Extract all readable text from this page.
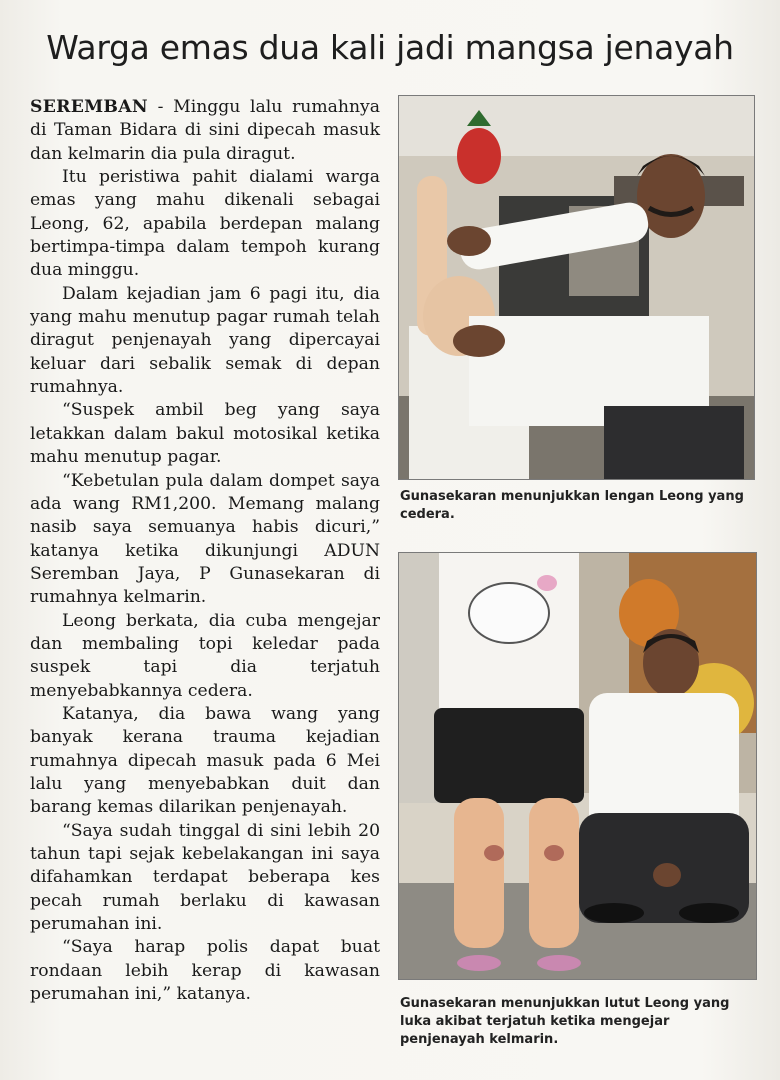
Warga emas dua kali jadi mangsa jenayah

SEREMBAN - Minggu lalu rumahnya di Taman Bidara di sini dipecah masuk dan kelmarin dia pula diragut.

Itu peristiwa pahit dialami warga emas yang mahu dikenali sebagai Leong, 62, apabila berdepan malang bertimpa-timpa dalam tempoh kurang dua minggu.

Dalam kejadian jam 6 pagi itu, dia yang mahu menutup pagar rumah telah diragut penjenayah yang dipercayai keluar dari sebalik semak di depan rumahnya.

“Suspek ambil beg yang saya letakkan dalam bakul motosikal ketika mahu menutup pagar.

“Kebetulan pula dalam dompet saya ada wang RM1,200. Memang malang nasib saya semuanya habis dicuri,” katanya ketika dikunjungi ADUN Seremban Jaya, P Gunasekaran di rumahnya kelmarin.

Leong berkata, dia cuba mengejar dan membaling topi keledar pada suspek tapi dia terjatuh menyebabkannya cedera.

Katanya, dia bawa wang yang banyak kerana trauma kejadian rumahnya dipecah masuk pada 6 Mei lalu yang menyebabkan duit dan barang kemas dilarikan penjenayah.

“Saya sudah tinggal di sini lebih 20 tahun tapi sejak kebelakangan ini saya difahamkan terdapat beberapa kes pecah rumah berlaku di kawasan perumahan ini.

“Saya harap polis dapat buat rondaan lebih kerap di kawasan perumahan ini,” katanya.

Gunasekaran menunjukkan lengan Leong yang cedera.
Gunasekaran menunjukkan lutut Leong yang luka akibat terjatuh ketika mengejar penjenayah kelmarin.
